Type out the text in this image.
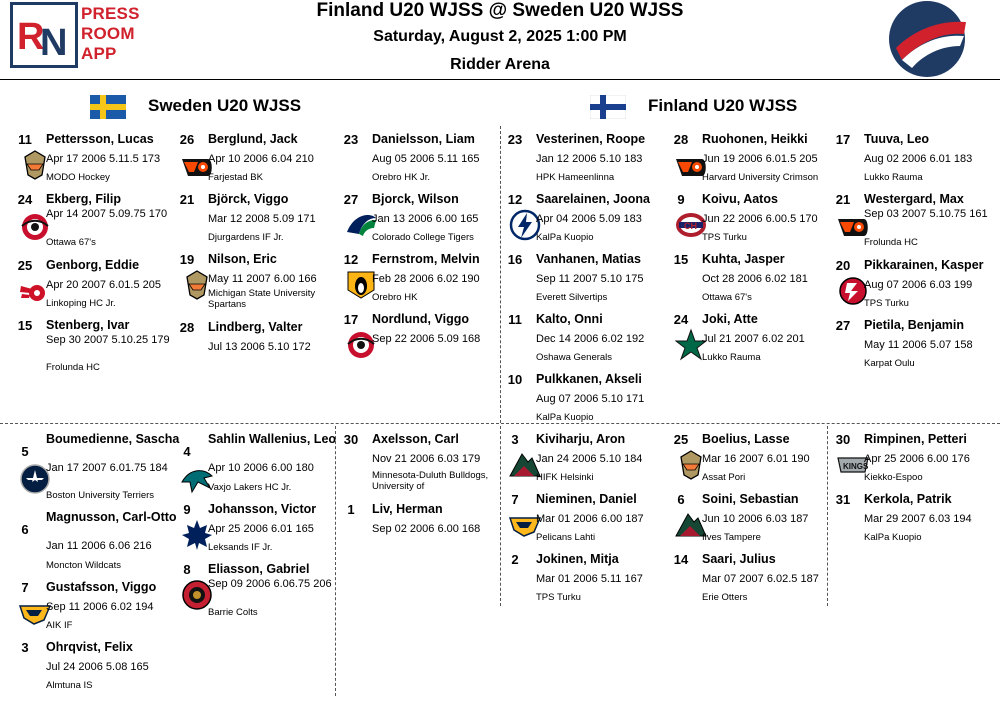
R
N
PRESS
ROOM
APP
Finland U20 WJSS @ Sweden U20 WJSS
Saturday, August 2, 2025 1:00 PM
Ridder Arena
Sweden U20 WJSS	Finland U20 WJSS
11	Pettersson, Lucas
Apr 17 2006 5.11.5 173
MODO Hockey
24	Ekberg, Filip
Apr 14 2007 5.09.75 170
Ottawa 67's
25	Genborg, Eddie
Apr 20 2007 6.01.5 205
Linkoping HC Jr.
15	Stenberg, Ivar
Sep 30 2007 5.10.25 179
Frolunda HC
26	Berglund, Jack
Apr 10 2006 6.04 210
Farjestad BK
21	Björck, Viggo
Mar 12 2008 5.09 171
Djurgardens IF Jr.
19	Nilson, Eric
May 11 2007 6.00 166
Michigan State University Spartans
28	Lindberg, Valter
Jul 13 2006 5.10 172
23	Danielsson, Liam
Aug 05 2006 5.11 165
Orebro HK Jr.
27	Bjorck, Wilson
Jan 13 2006 6.00 165
Colorado College Tigers
12	Fernstrom, Melvin
Feb 28 2006 6.02 190
Orebro HK
17	Nordlund, Viggo
Sep 22 2006 5.09 168
23	Vesterinen, Roope
Jan 12 2006 5.10 183
HPK Hameenlinna
12	Saarelainen, Joona
Apr 04 2006 5.09 183
KalPa Kuopio
16	Vanhanen, Matias
Sep 11 2007 5.10 175
Everett Silvertips
11	Kalto, Onni
Dec 14 2006 6.02 192
Oshawa Generals
10	Pulkkanen, Akseli
Aug 07 2006 5.10 171
KalPa Kuopio
28	Ruohonen, Heikki
Jun 19 2006 6.01.5 205
Harvard University Crimson
9	Koivu, Aatos
CH
Jun 22 2006 6.00.5 170
TPS Turku
15	Kuhta, Jasper
Oct 28 2006 6.02 181
Ottawa 67's
24	Joki, Atte
Jul 21 2007 6.02 201
Lukko Rauma
17	Tuuva, Leo
Aug 02 2006 6.01 183
Lukko Rauma
21	Westergard, Max
Sep 03 2007 5.10.75 161
Frolunda HC
20	Pikkarainen, Kasper
Aug 07 2006 6.03 199
TPS Turku
27	Pietila, Benjamin
May 11 2006 5.07 158
Karpat Oulu
5
Boumedienne, Sascha
Jan 17 2007 6.01.75 184
Boston University Terriers
6
Magnusson, Carl-Otto
Jan 11 2006 6.06 216
Moncton Wildcats
7	Gustafsson, Viggo
Sep 11 2006 6.02 194
AIK IF
3	Ohrqvist, Felix
Jul 24 2006 5.08 165
Almtuna IS
4
Sahlin Wallenius, Leo
Apr 10 2006 6.00 180
Vaxjo Lakers HC Jr.
9	Johansson, Victor
Apr 25 2006 6.01 165
Leksands IF Jr.
8	Eliasson, Gabriel
Sep 09 2006 6.06.75 206
Barrie Colts
30	Axelsson, Carl
Nov 21 2006 6.03 179
Minnesota-Duluth Bulldogs, University of
1	Liv, Herman
Sep 02 2006 6.00 168
3	Kiviharju, Aron
Jan 24 2006 5.10 184
HIFK Helsinki
7	Nieminen, Daniel
Mar 01 2006 6.00 187
Pelicans Lahti
2	Jokinen, Mitja
Mar 01 2006 5.11 167
TPS Turku
25	Boelius, Lasse
Mar 16 2007 6.01 190
Assat Pori
6	Soini, Sebastian
Jun 10 2006 6.03 187
Ilves Tampere
14	Saari, Julius
Mar 07 2007 6.02.5 187
Erie Otters
30	Rimpinen, Petteri
KINGS
Apr 25 2006 6.00 176
Kiekko-Espoo
31	Kerkola, Patrik
Mar 29 2007 6.03 194
KalPa Kuopio
